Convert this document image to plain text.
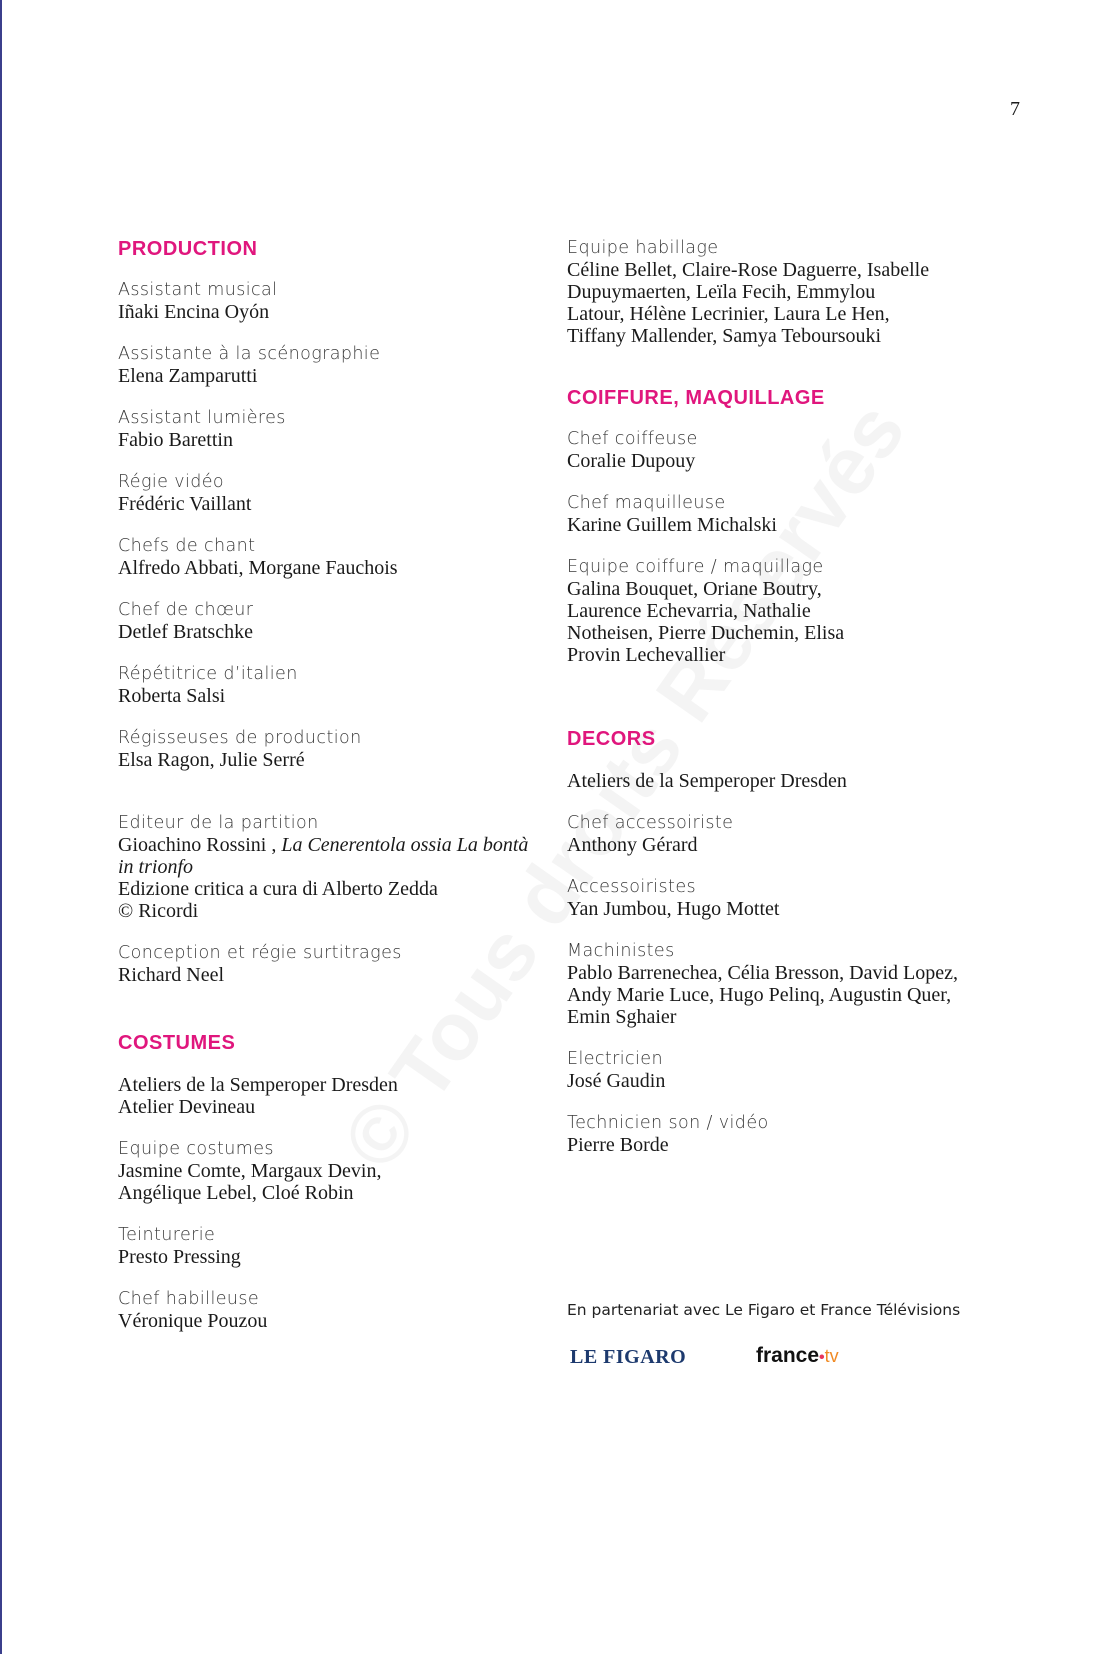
7
PRODUCTION
Assistant musical
Iñaki Encina Oyón
Assistante à la scénographie
Elena Zamparutti
Assistant lumières
Fabio Barettin
Régie vidéo
Frédéric Vaillant
Chefs de chant
Alfredo Abbati, Morgane Fauchois
Chef de chœur
Detlef Bratschke
Répétitrice d’italien
Roberta Salsi
Régisseuses de production
Elsa Ragon, Julie Serré
Editeur de la partition
Gioachino Rossini , La Cenerentola ossia La bontà in trionfo
Edizione critica a cura di Alberto Zedda
© Ricordi
Conception et régie surtitrages
Richard Neel
COSTUMES
Ateliers de la Semperoper Dresden
Atelier Devineau
Equipe costumes
Jasmine Comte, Margaux Devin, Angélique Lebel, Cloé Robin
Teinturerie
Presto Pressing
Chef habilleuse
Véronique Pouzou
Equipe habillage
Céline Bellet, Claire-Rose Daguerre, Isabelle Dupuymaerten, Leïla Fecih, Emmylou Latour, Hélène Lecrinier, Laura Le Hen, Tiffany Mallender, Samya Teboursouki
COIFFURE, MAQUILLAGE
Chef coiffeuse
Coralie Dupouy
Chef maquilleuse
Karine Guillem Michalski
Equipe coiffure / maquillage
Galina Bouquet, Oriane Boutry, Laurence Echevarria, Nathalie Notheisen, Pierre Duchemin, Elisa Provin Lechevallier
DECORS
Ateliers de la Semperoper Dresden
Chef accessoiriste
Anthony Gérard
Accessoiristes
Yan Jumbou, Hugo Mottet
Machinistes
Pablo Barrenechea, Célia Bresson, David Lopez, Andy Marie Luce, Hugo Pelinq, Augustin Quer, Emin Sghaier
Electricien
José Gaudin
Technicien son / vidéo
Pierre Borde
En partenariat avec Le Figaro et France Télévisions
LE FIGARO	france•tv
